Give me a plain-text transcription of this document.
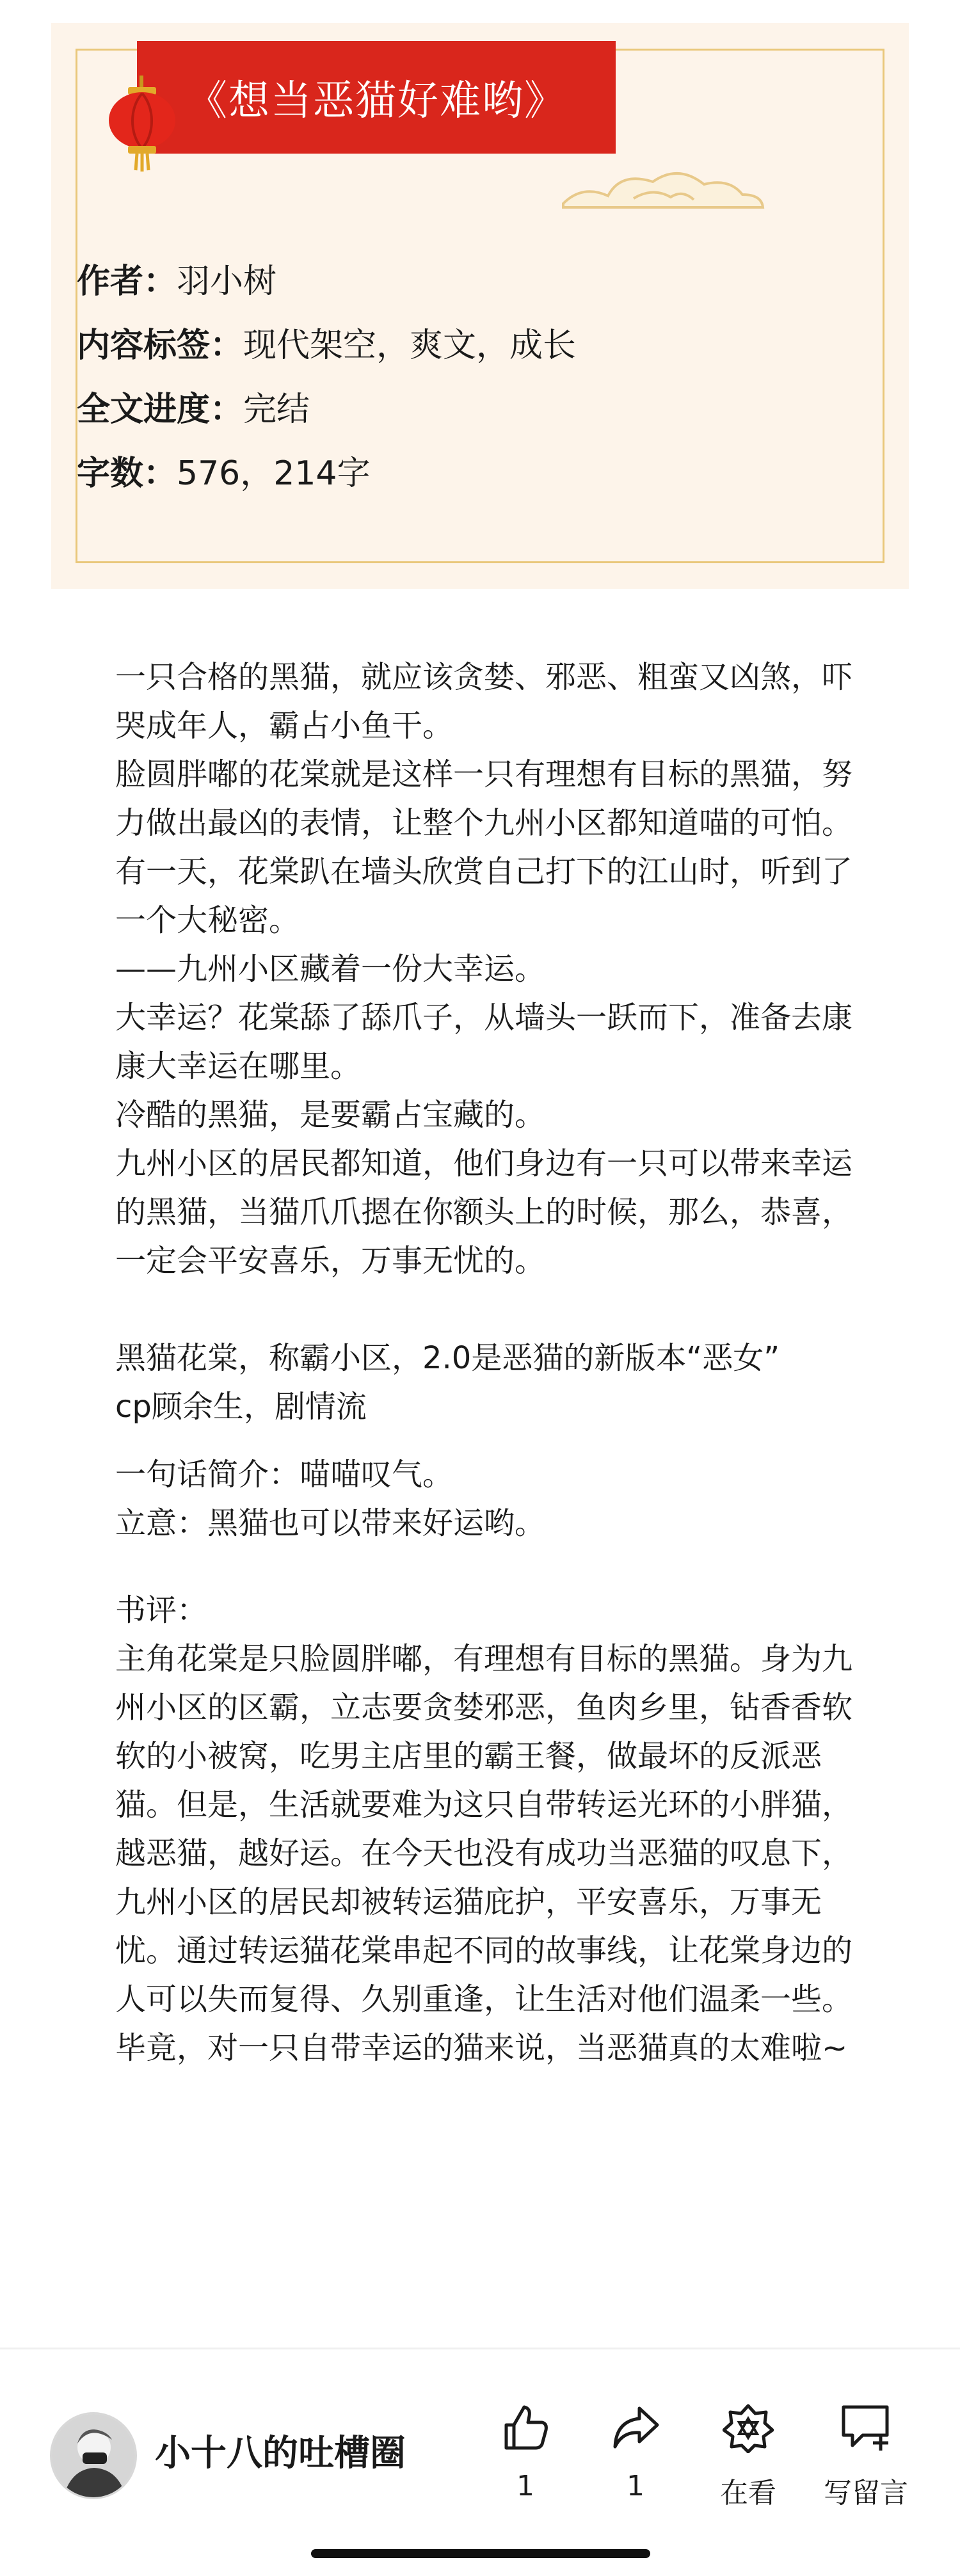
《想当恶猫好难哟》
作者：羽小树
内容标签：现代架空，爽文，成长
全文进度：完结
字数：576，214字

一只合格的黑猫，就应该贪婪、邪恶、粗蛮又凶煞，吓哭成年人，霸占小鱼干。

脸圆胖嘟的花棠就是这样一只有理想有目标的黑猫，努力做出最凶的表情，让整个九州小区都知道喵的可怕。

有一天，花棠趴在墙头欣赏自己打下的江山时，听到了一个大秘密。

——九州小区藏着一份大幸运。

大幸运？花棠舔了舔爪子，从墙头一跃而下，准备去康康大幸运在哪里。

冷酷的黑猫，是要霸占宝藏的。

九州小区的居民都知道，他们身边有一只可以带来幸运的黑猫，当猫爪爪摁在你额头上的时候，那么，恭喜，一定会平安喜乐，万事无忧的。

黑猫花棠，称霸小区，2.0是恶猫的新版本“恶女”

cp顾余生，剧情流

一句话简介：喵喵叹气。

立意：黑猫也可以带来好运哟。

书评：

主角花棠是只脸圆胖嘟，有理想有目标的黑猫。身为九州小区的区霸，立志要贪婪邪恶，鱼肉乡里，钻香香软软的小被窝，吃男主店里的霸王餐，做最坏的反派恶猫。但是，生活就要难为这只自带转运光环的小胖猫，越恶猫，越好运。在今天也没有成功当恶猫的叹息下，九州小区的居民却被转运猫庇护，平安喜乐，万事无忧。通过转运猫花棠串起不同的故事线，让花棠身边的人可以失而复得、久别重逢，让生活对他们温柔一些。毕竟，对一只自带幸运的猫来说，当恶猫真的太难啦~

小十八的吐槽圈
1	1	在看	写留言
